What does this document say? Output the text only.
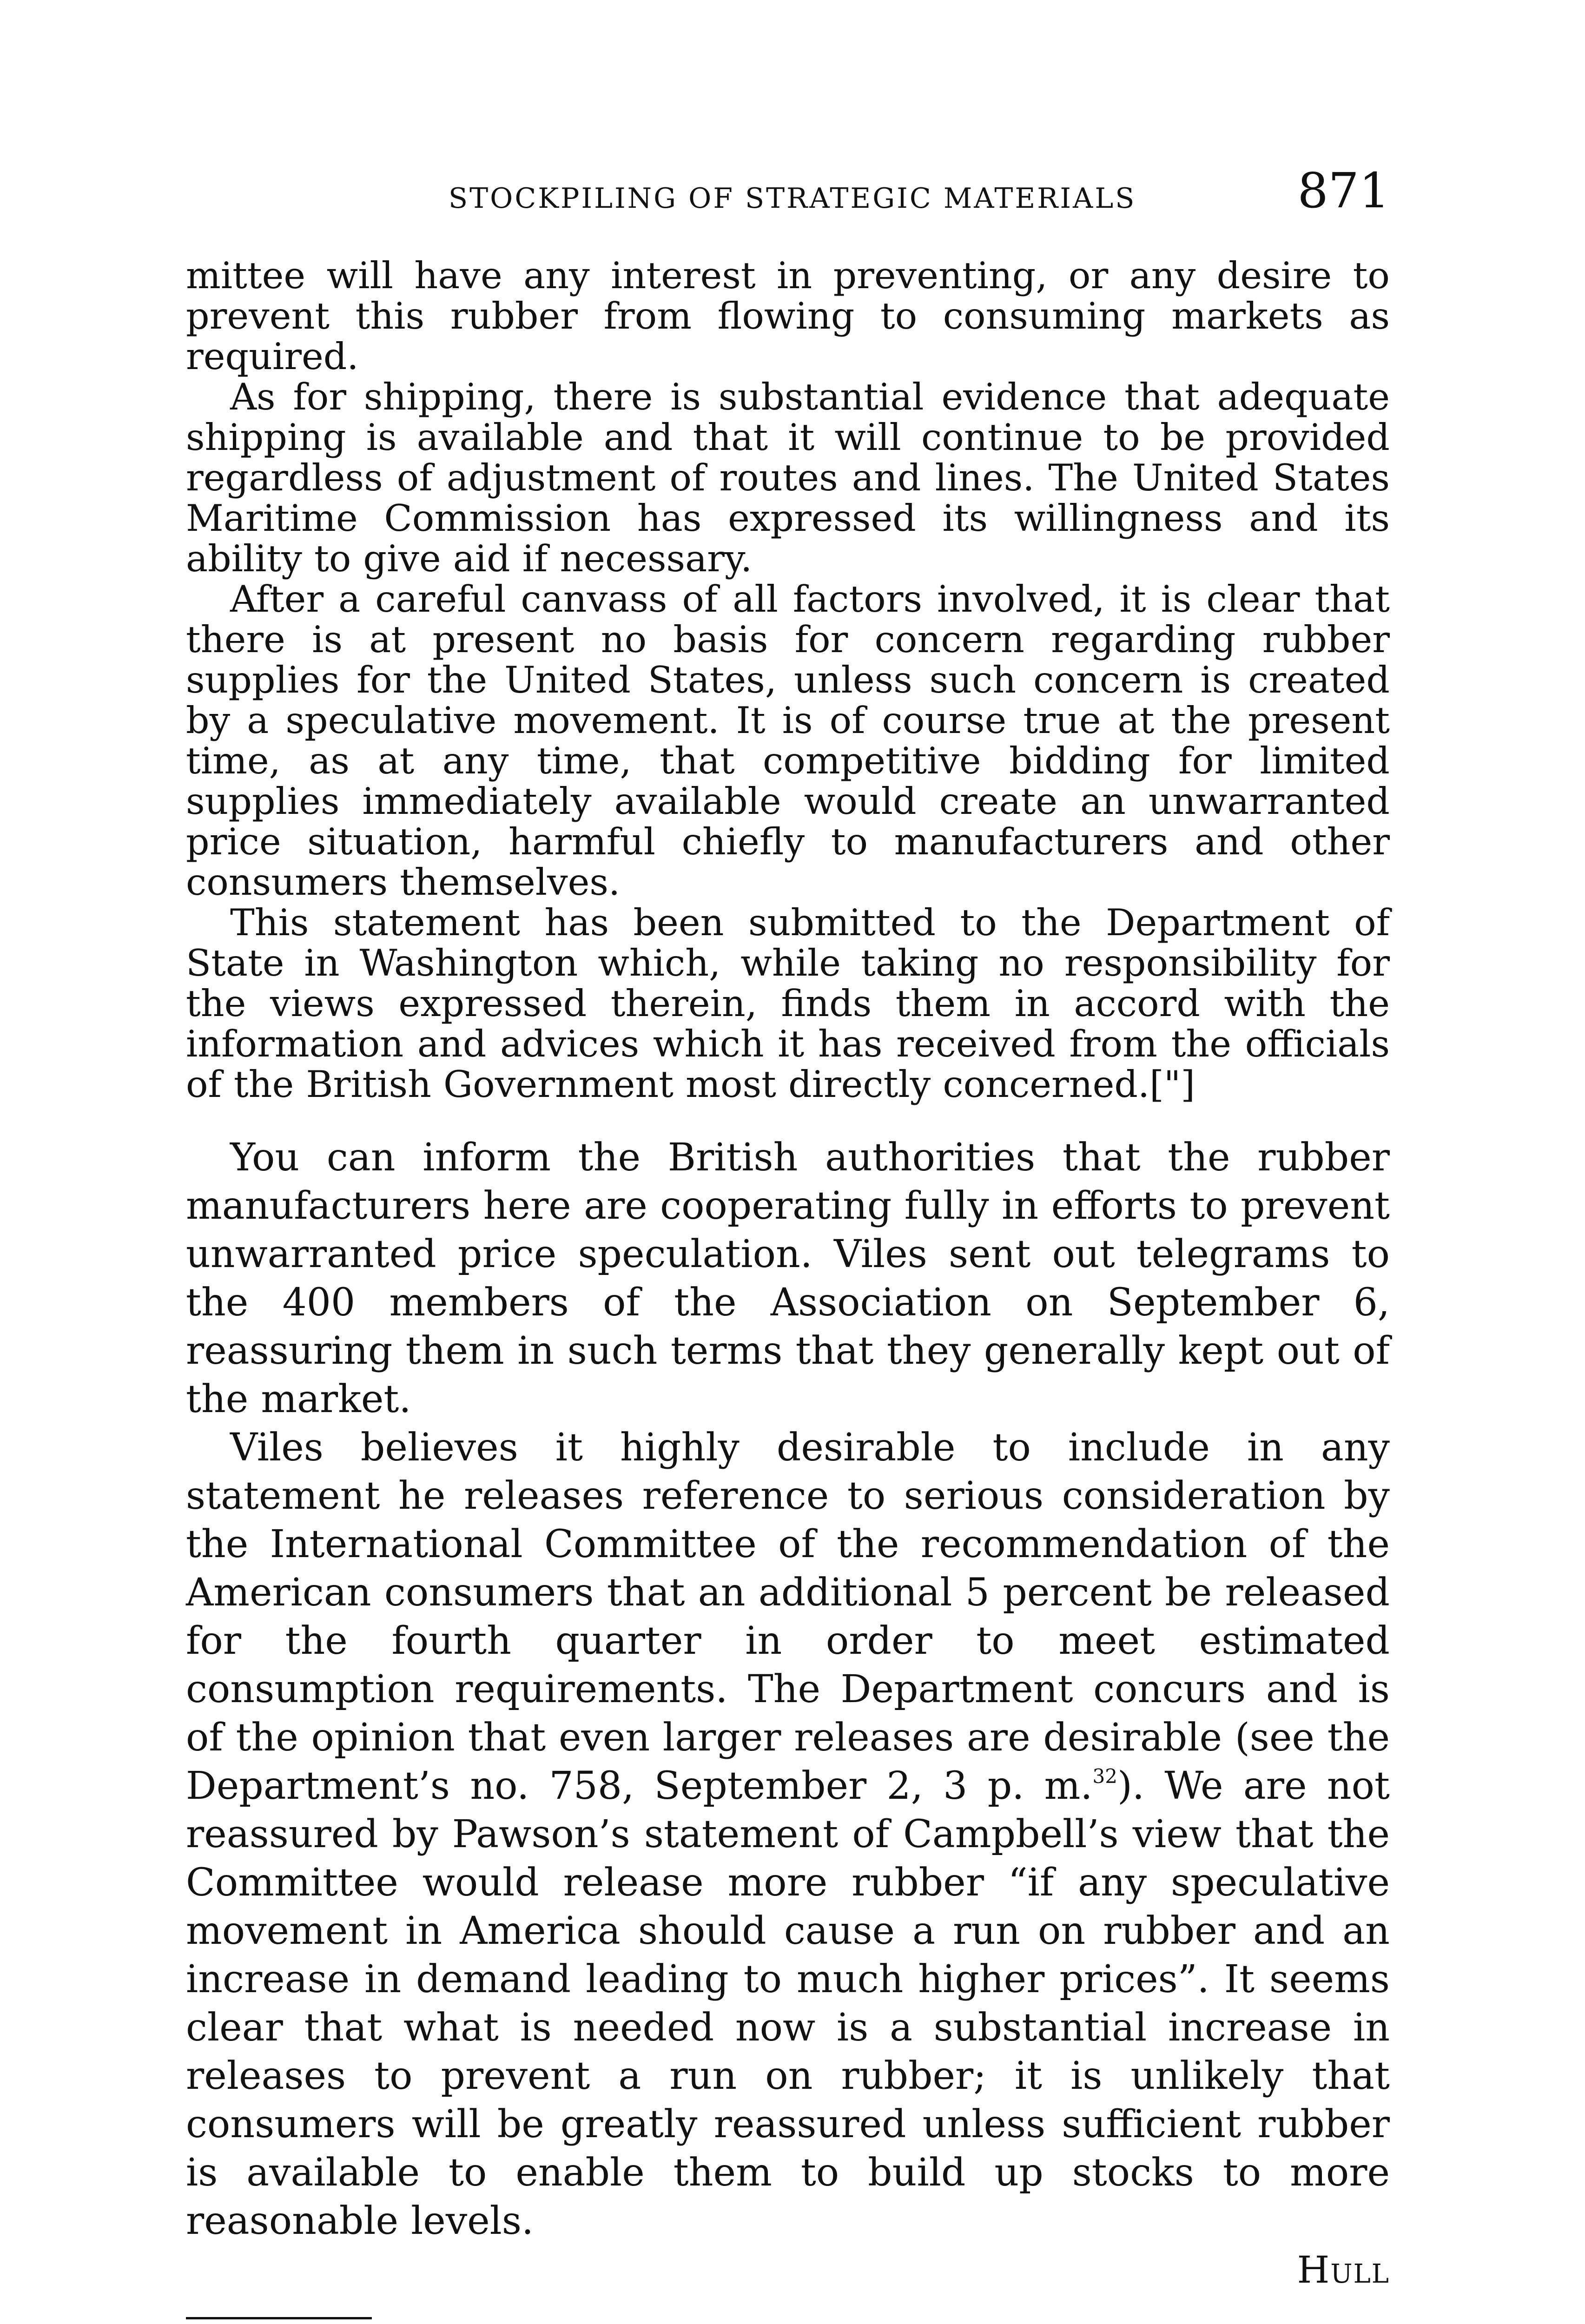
STOCKPILING OF STRATEGIC MATERIALS	871

mittee will have any interest in preventing, or any desire to prevent this rubber from flowing to consuming markets as required.

As for shipping, there is substantial evidence that adequate shipping is available and that it will continue to be provided regardless of adjustment of routes and lines. The United States Maritime Commission has expressed its willingness and its ability to give aid if necessary.

After a careful canvass of all factors involved, it is clear that there is at present no basis for concern regarding rubber supplies for the United States, unless such concern is created by a speculative movement. It is of course true at the present time, as at any time, that competitive bidding for limited supplies immediately available would create an unwarranted price situation, harmful chiefly to manufacturers and other consumers themselves.

This statement has been submitted to the Department of State in Washington which, while taking no responsibility for the views expressed therein, finds them in accord with the information and advices which it has received from the officials of the British Government most directly concerned.["]

You can inform the British authorities that the rubber manufacturers here are cooperating fully in efforts to prevent unwarranted price speculation. Viles sent out telegrams to the 400 members of the Association on September 6, reassuring them in such terms that they generally kept out of the market.

Viles believes it highly desirable to include in any statement he releases reference to serious consideration by the International Committee of the recommendation of the American consumers that an additional 5 percent be released for the fourth quarter in order to meet estimated consumption requirements. The Department concurs and is of the opinion that even larger releases are desirable (see the Department’s no. 758, September 2, 3 p. m.$^{32}$). We are not reassured by Pawson’s statement of Campbell’s view that the Committee would release more rubber “if any speculative movement in America should cause a run on rubber and an increase in demand leading to much higher prices”. It seems clear that what is needed now is a substantial increase in releases to prevent a run on rubber; it is unlikely that consumers will be greatly reassured unless sufficient rubber is available to enable them to build up stocks to more reasonable levels.

Hull
